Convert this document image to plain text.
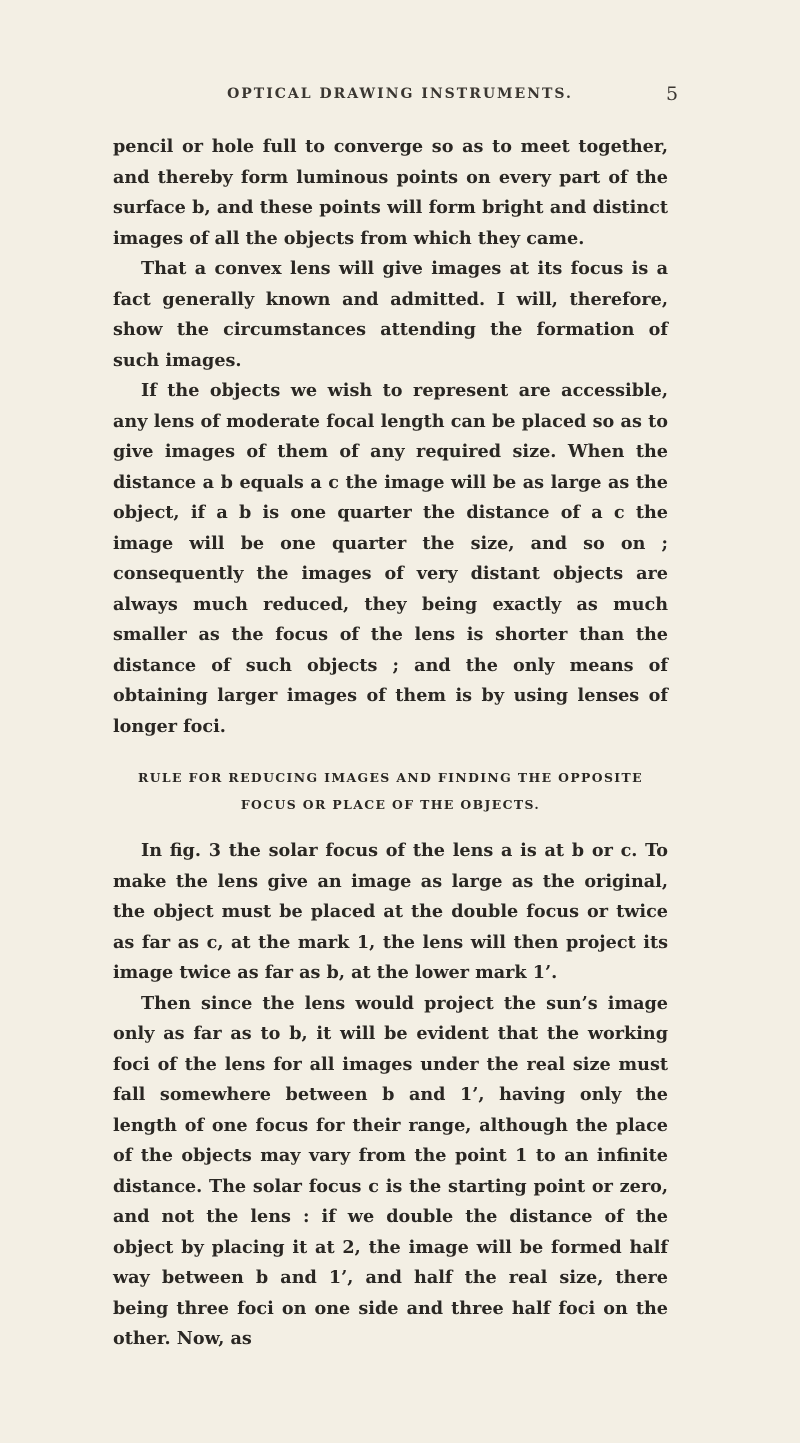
OPTICAL DRAWING INSTRUMENTS.	5

pencil or hole full to converge so as to meet together, and thereby form luminous points on every part of the surface b, and these points will form bright and distinct images of all the objects from which they came.

That a convex lens will give images at its focus is a fact generally known and admitted. I will, therefore, show the circumstances attending the formation of such images.

If the objects we wish to represent are accessible, any lens of moderate focal length can be placed so as to give images of them of any required size. When the distance a b equals a c the image will be as large as the object, if a b is one quarter the distance of a c the image will be one quarter the size, and so on ; consequently the images of very distant objects are always much reduced, they being exactly as much smaller as the focus of the lens is shorter than the distance of such objects ; and the only means of obtaining larger images of them is by using lenses of longer foci.

RULE FOR REDUCING IMAGES AND FINDING THE OPPOSITE
FOCUS OR PLACE OF THE OBJECTS.

In fig. 3 the solar focus of the lens a is at b or c. To make the lens give an image as large as the original, the object must be placed at the double focus or twice as far as c, at the mark 1, the lens will then project its image twice as far as b, at the lower mark 1’.

Then since the lens would project the sun’s image only as far as to b, it will be evident that the working foci of the lens for all images under the real size must fall somewhere between b and 1’, having only the length of one focus for their range, although the place of the objects may vary from the point 1 to an infinite distance. The solar focus c is the starting point or zero, and not the lens : if we double the distance of the object by placing it at 2, the image will be formed half way between b and 1’, and half the real size, there being three foci on one side and three half foci on the other. Now, as
